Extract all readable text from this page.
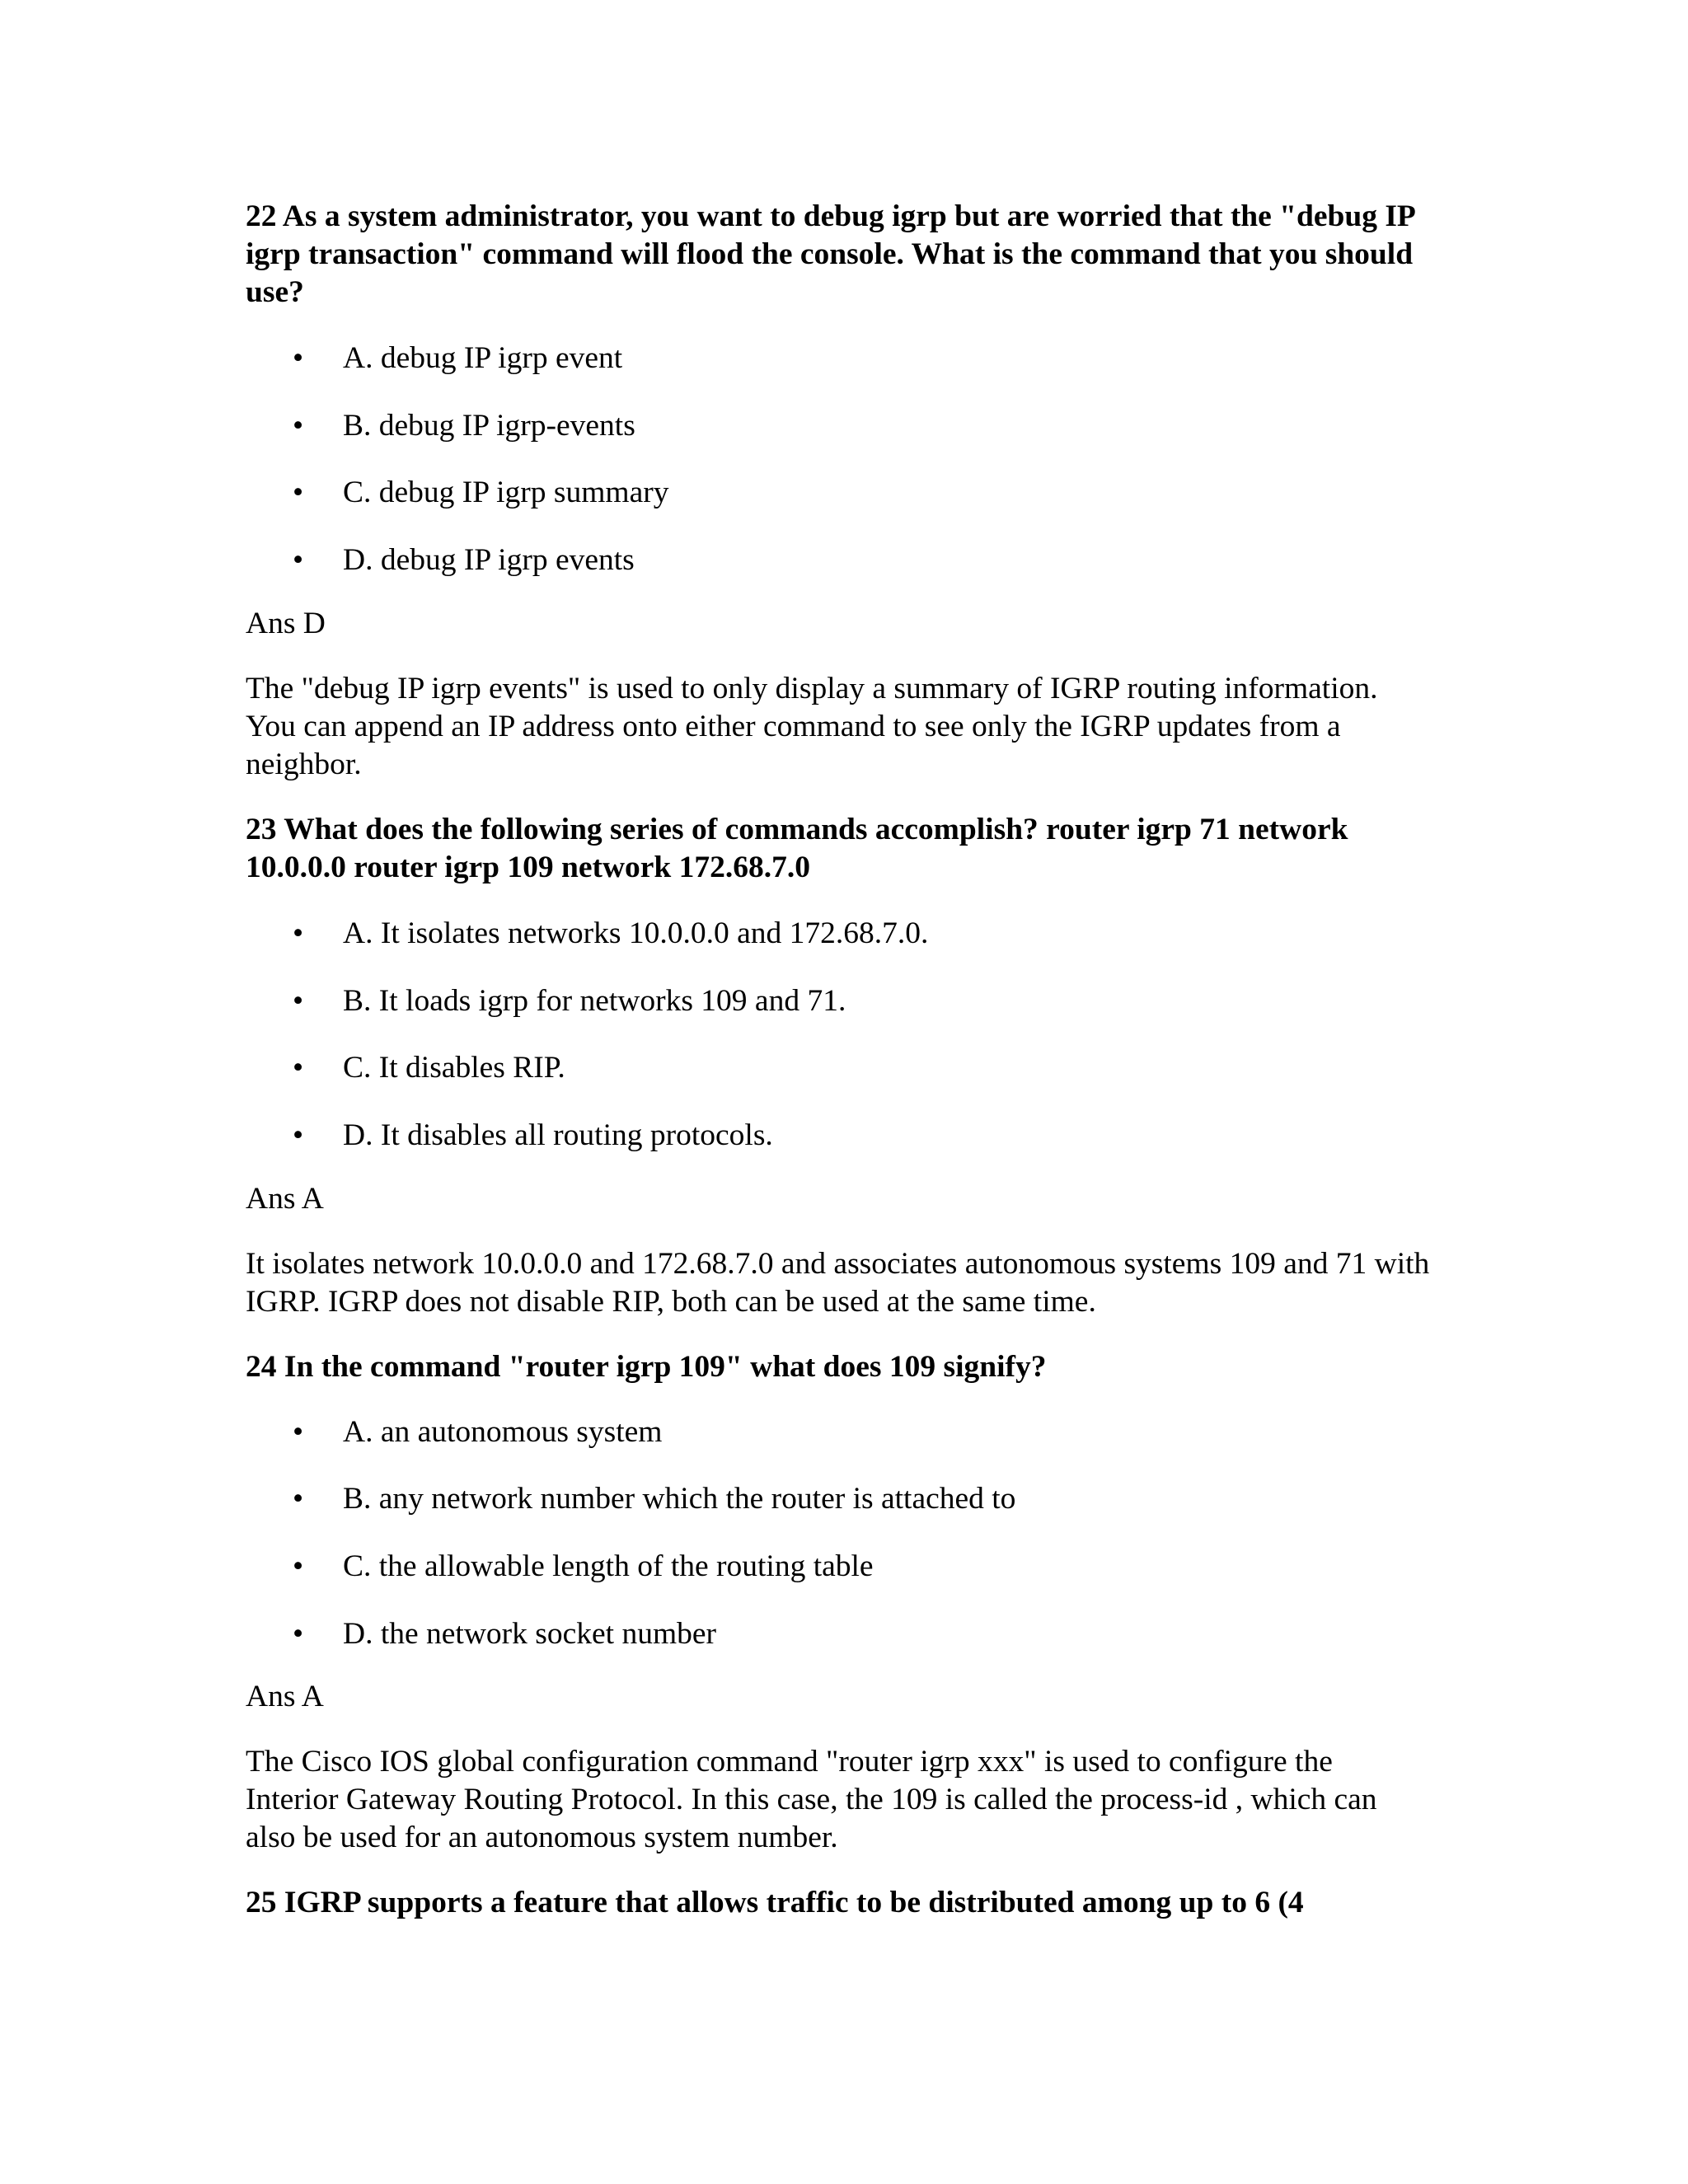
22 As a system administrator, you want to debug igrp but are worried that the "debug IP igrp transaction" command will flood the console. What is the command that you should use?

• A. debug IP igrp event
• B. debug IP igrp-events
• C. debug IP igrp summary
• D. debug IP igrp events

Ans D

The "debug IP igrp events" is used to only display a summary of IGRP routing information. You can append an IP address onto either command to see only the IGRP updates from a neighbor.

23 What does the following series of commands accomplish? router igrp 71 network 10.0.0.0 router igrp 109 network 172.68.7.0

• A. It isolates networks 10.0.0.0 and 172.68.7.0.
• B. It loads igrp for networks 109 and 71.
• C. It disables RIP.
• D. It disables all routing protocols.

Ans A

It isolates network 10.0.0.0 and 172.68.7.0 and associates autonomous systems 109 and 71 with IGRP. IGRP does not disable RIP, both can be used at the same time.

24 In the command "router igrp 109" what does 109 signify?

• A. an autonomous system
• B. any network number which the router is attached to
• C. the allowable length of the routing table
• D. the network socket number

Ans A

The Cisco IOS global configuration command "router igrp xxx" is used to configure the Interior Gateway Routing Protocol. In this case, the 109 is called the process-id , which can also be used for an autonomous system number.

25 IGRP supports a feature that allows traffic to be distributed among up to 6 (4
